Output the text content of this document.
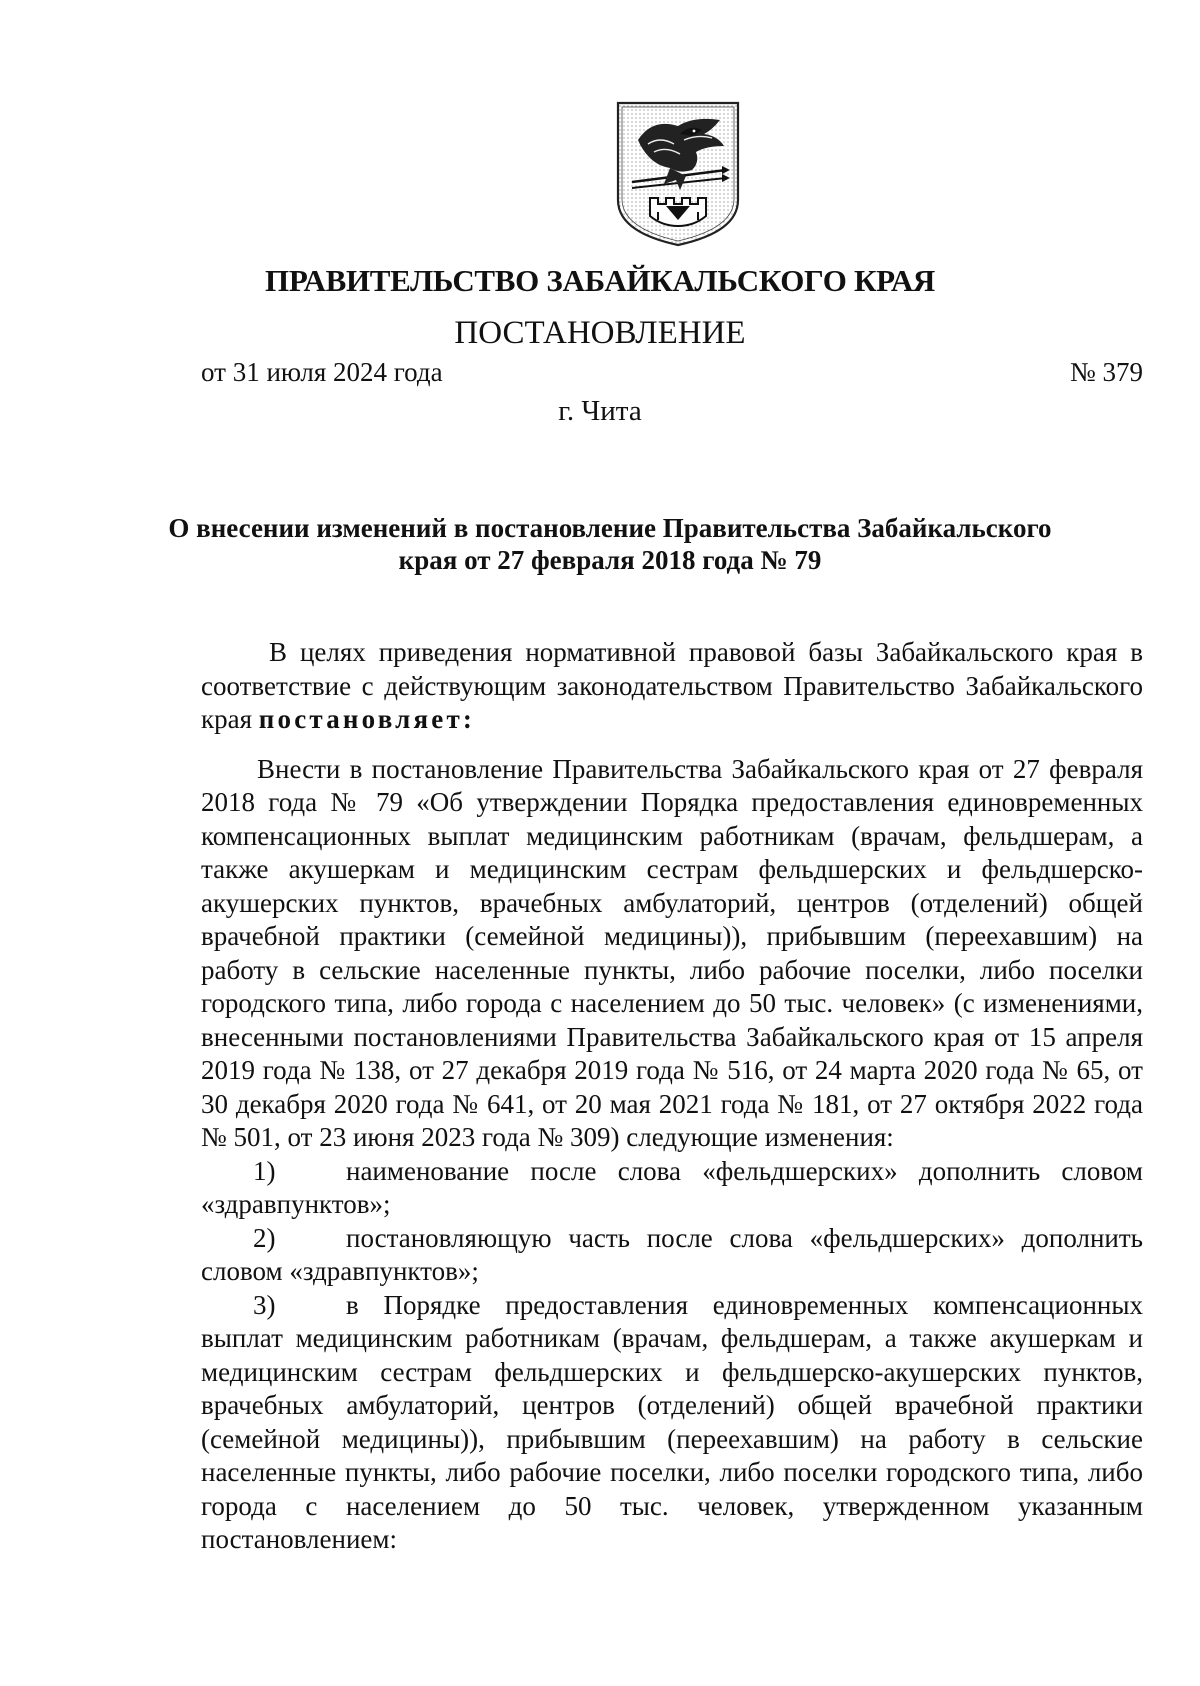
ПРАВИТЕЛЬСТВО ЗАБАЙКАЛЬСКОГО КРАЯ
ПОСТАНОВЛЕНИЕ
от 31 июля 2024 года	№ 379
г. Чита
О внесении изменений в постановление Правительства Забайкальского
края от 27 февраля 2018 года № 79

В целях приведения нормативной правовой базы Забайкальского края в соответствие с действующим законодательством Правительство Забайкальского края постановляет:

Внести в постановление Правительства Забайкальского края от 27 февраля 2018 года № 79 «Об утверждении Порядка предоставления единовременных компенсационных выплат медицинским работникам (врачам, фельдшерам, а также акушеркам и медицинским сестрам фельдшерских и фельдшерско-акушерских пунктов, врачебных амбулаторий, центров (отделений) общей врачебной практики (семейной медицины)), прибывшим (переехавшим) на работу в сельские населенные пункты, либо рабочие поселки, либо поселки городского типа, либо города с населением до 50 тыс. человек» (с изменениями, внесенными постановлениями Правительства Забайкальского края от 15 апреля 2019 года № 138, от 27 декабря 2019 года № 516, от 24 марта 2020 года № 65, от 30 декабря 2020 года № 641, от 20 мая 2021 года № 181, от 27 октября 2022 года № 501, от 23 июня 2023 года № 309) следующие изменения:

1)	наименование после слова «фельдшерских» дополнить словом «здравпунктов»;

2)	постановляющую часть после слова «фельдшерских» дополнить словом «здравпунктов»;

3)	в Порядке предоставления единовременных компенсационных выплат медицинским работникам (врачам, фельдшерам, а также акушеркам и медицинским сестрам фельдшерских и фельдшерско-акушерских пунктов, врачебных амбулаторий, центров (отделений) общей врачебной практики (семейной медицины)), прибывшим (переехавшим) на работу в сельские населенные пункты, либо рабочие поселки, либо поселки городского типа, либо города с населением до 50 тыс. человек, утвержденном указанным постановлением:
